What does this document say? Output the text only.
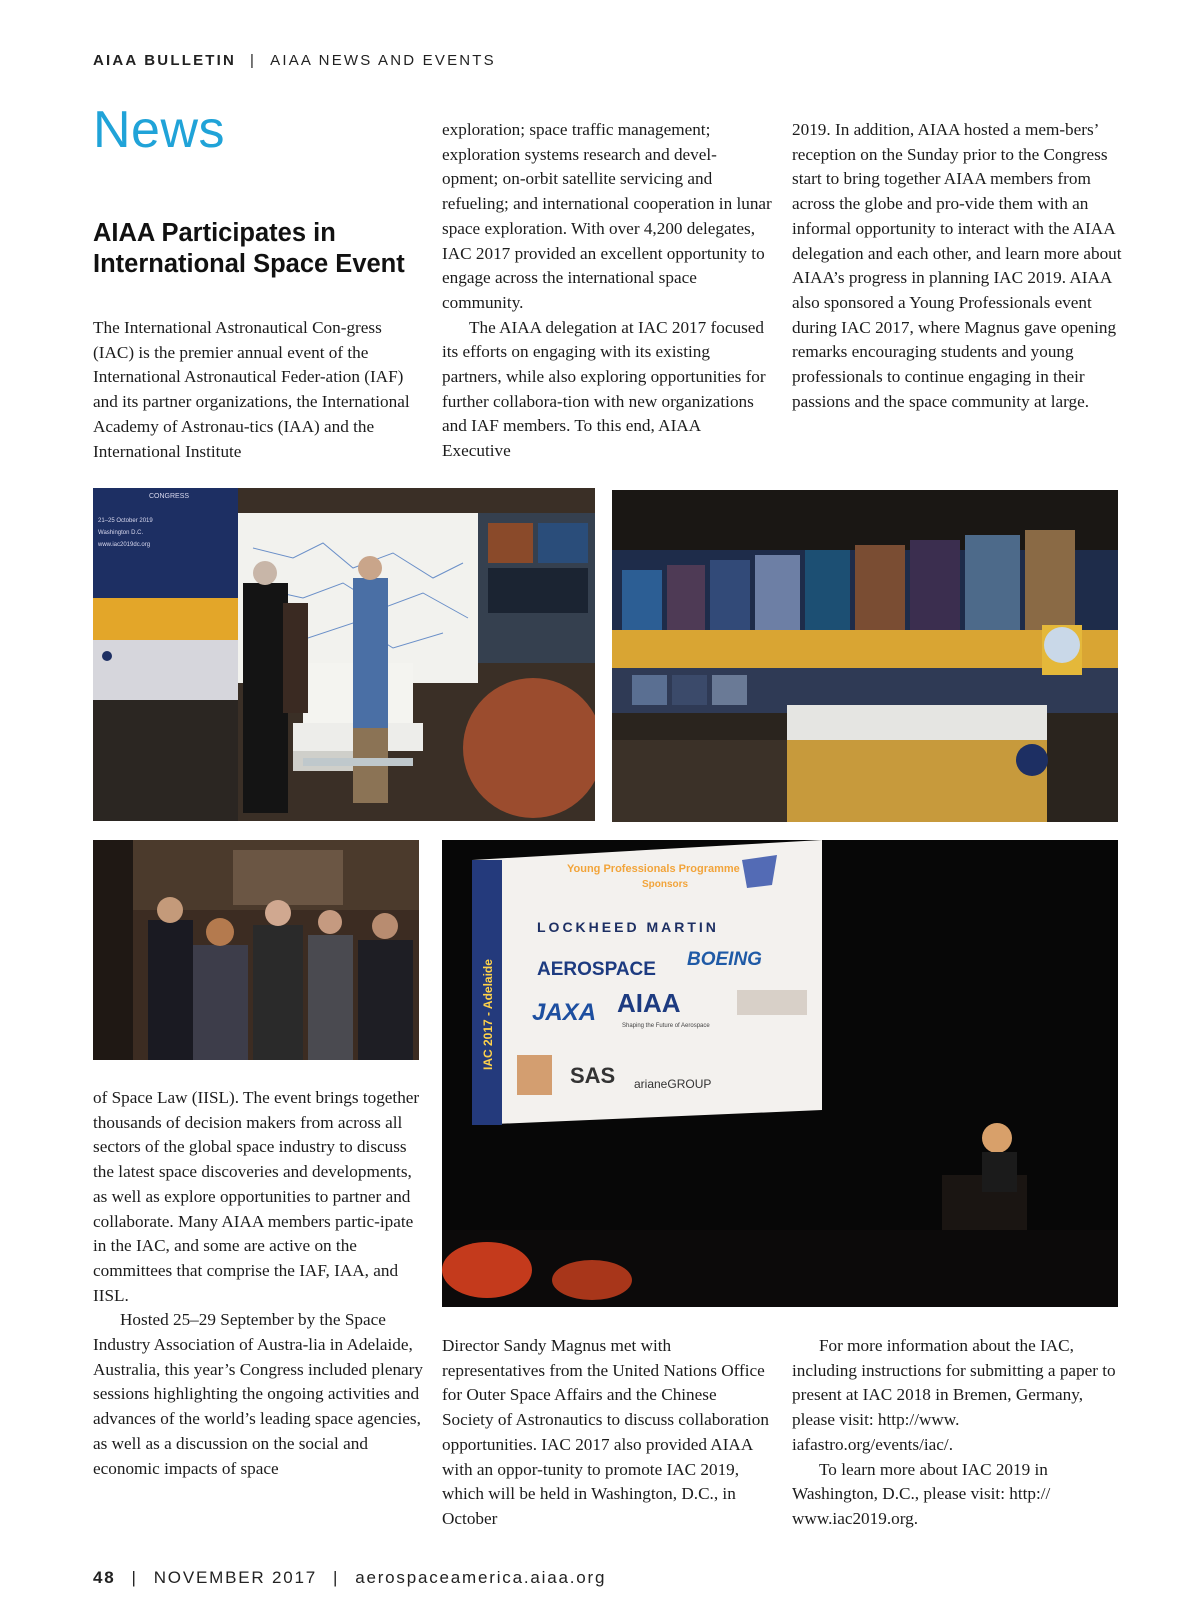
AIAA BULLETIN | AIAA NEWS AND EVENTS
News
AIAA Participates in International Space Event

The International Astronautical Con-gress (IAC) is the premier annual event of the International Astronautical Feder-ation (IAF) and its partner organizations, the International Academy of Astronau-tics (IAA) and the International Institute

exploration; space traffic management; exploration systems research and devel-opment; on-orbit satellite servicing and refueling; and international cooperation in lunar space exploration. With over 4,200 delegates, IAC 2017 provided an excellent opportunity to engage across the international space community.

The AIAA delegation at IAC 2017 focused its efforts on engaging with its existing partners, while also exploring opportunities for further collabora-tion with new organizations and IAF members. To this end, AIAA Executive

2019. In addition, AIAA hosted a mem-bers’ reception on the Sunday prior to the Congress start to bring together AIAA members from across the globe and pro-vide them with an informal opportunity to interact with the AIAA delegation and each other, and learn more about AIAA’s progress in planning IAC 2019. AIAA also sponsored a Young Professionals event during IAC 2017, where Magnus gave opening remarks encouraging students and young professionals to continue engaging in their passions and the space community at large.

CONGRESS
21–25 October 2019
Washington D.C.
www.iac2019dc.org
IAC 2017 - Adelaide
Young Professionals Programme
Sponsors
LOCKHEED MARTIN
AEROSPACE BOEING
JAXA AIAA
Shaping the Future of Aerospace
SAS arianeGROUP

of Space Law (IISL). The event brings together thousands of decision makers from across all sectors of the global space industry to discuss the latest space discoveries and developments, as well as explore opportunities to partner and collaborate. Many AIAA members partic-ipate in the IAC, and some are active on the committees that comprise the IAF, IAA, and IISL.

Hosted 25–29 September by the Space Industry Association of Austra-lia in Adelaide, Australia, this year’s Congress included plenary sessions highlighting the ongoing activities and advances of the world’s leading space agencies, as well as a discussion on the social and economic impacts of space

Director Sandy Magnus met with representatives from the United Nations Office for Outer Space Affairs and the Chinese Society of Astronautics to discuss collaboration opportunities. IAC 2017 also provided AIAA with an oppor-tunity to promote IAC 2019, which will be held in Washington, D.C., in October

For more information about the IAC, including instructions for submitting a paper to present at IAC 2018 in Bremen, Germany, please visit: http://www. iafastro.org/events/iac/.

To learn more about IAC 2019 in Washington, D.C., please visit: http:// www.iac2019.org.

48 | NOVEMBER 2017 | aerospaceamerica.aiaa.org
